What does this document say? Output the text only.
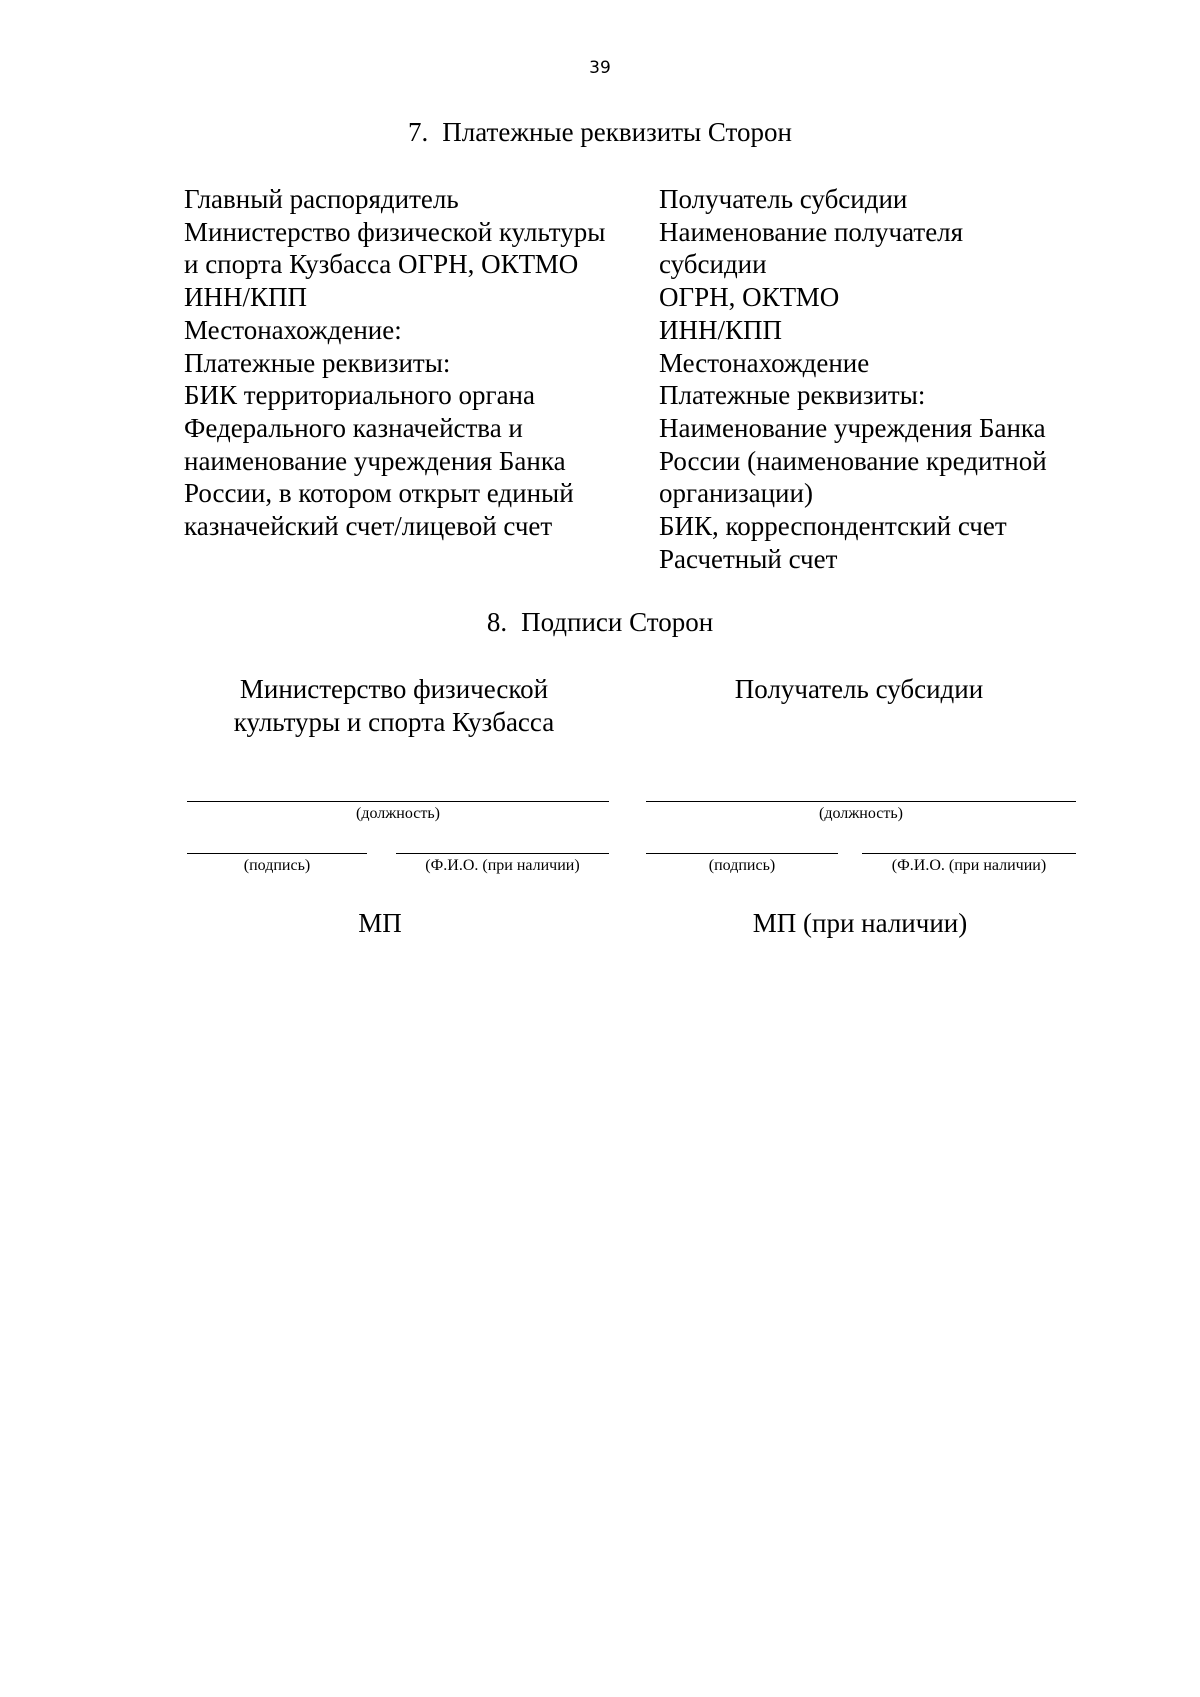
39
7. Платежные реквизиты Сторон
Главный распорядитель
Министерство физической культуры
и спорта Кузбасса ОГРН, ОКТМО
ИНН/КПП
Местонахождение:
Платежные реквизиты:
БИК территориального органа
Федерального казначейства и
наименование учреждения Банка
России, в котором открыт единый
казначейский счет/лицевой счет
Получатель субсидии
Наименование получателя
субсидии
ОГРН, ОКТМО
ИНН/КПП
Местонахождение
Платежные реквизиты:
Наименование учреждения Банка
России (наименование кредитной
организации)
БИК, корреспондентский счет
Расчетный счет
8. Подписи Сторон
Министерство физической
культуры и спорта Кузбасса
(должность)
(подпись)	(Ф.И.О. (при наличии)
МП
Получатель субсидии
(должность)
(подпись)	(Ф.И.О. (при наличии)
МП (при наличии)
